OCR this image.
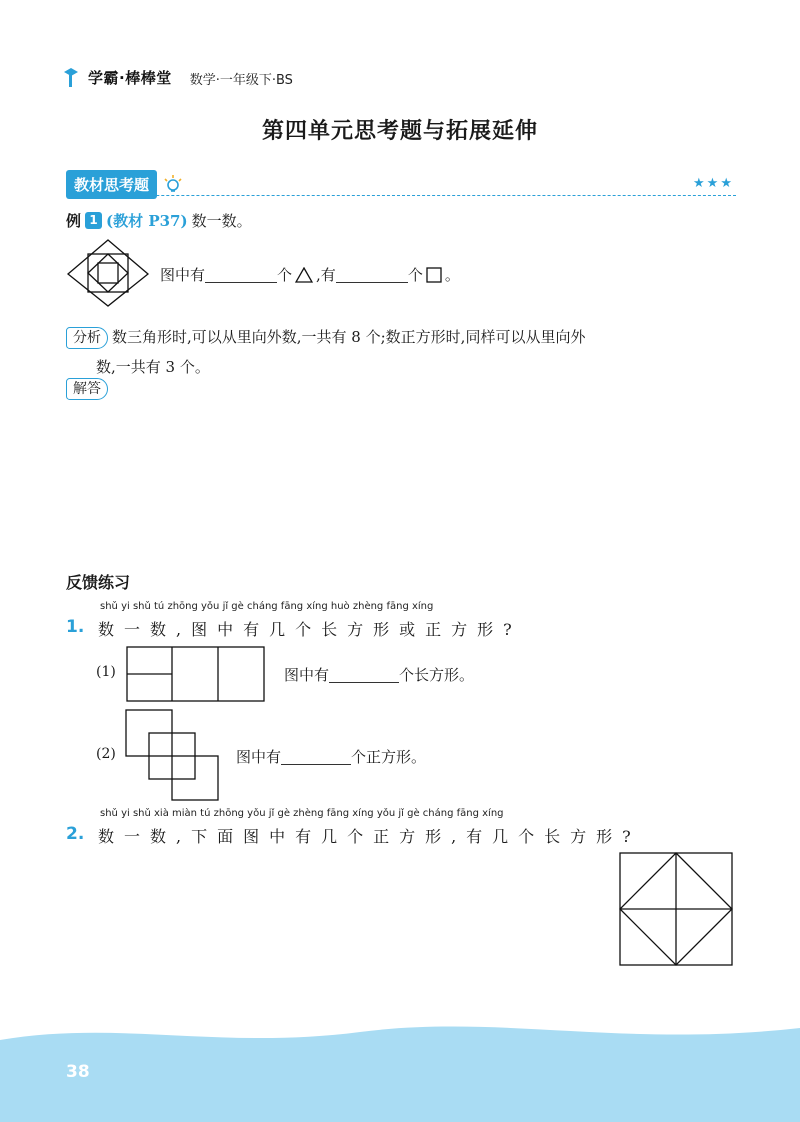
学霸·棒棒堂 数学·一年级下·BS
第四单元思考题与拓展延伸
教材思考题	★★★
例 1 (教材 P37) 数一数。
图中有	个 ,有	个 。
分析 数三角形时,可以从里向外数,一共有 8 个;数正方形时,同样可以从里向外
数,一共有 3 个。
解答
反馈练习
shǔ yi shǔ tú zhōng yǒu jǐ gè cháng fāng xíng huò zhèng fāng xíng
1. 数一数,图中有几个长方形或正方形?
(1)	图中有	个长方形。
(2)	图中有	个正方形。
shǔ yi shǔ xià miàn tú zhōng yǒu jǐ gè zhèng fāng xíng yǒu jǐ gè cháng fāng xíng
2. 数一数,下面图中有几个正方形,有几个长方形?
38
